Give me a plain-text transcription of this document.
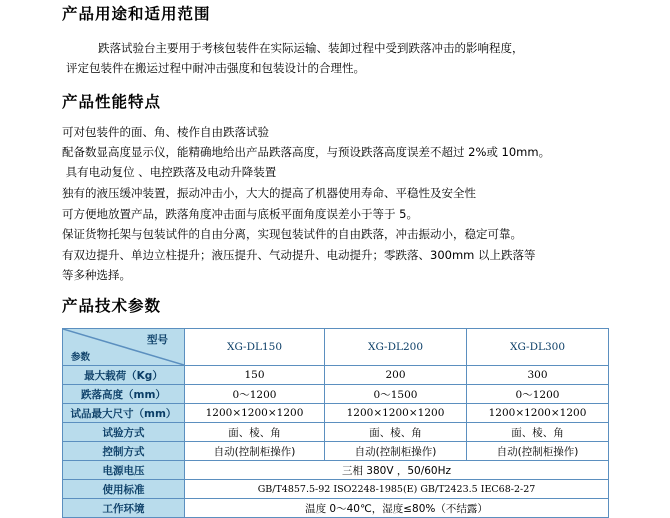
产品用途和适用范围

跌落试验台主要用于考核包装件在实际运输、装卸过程中受到跌落冲击的影响程度，

评定包装件在搬运过程中耐冲击强度和包装设计的合理性。

产品性能特点

可对包装件的面、角、棱作自由跌落试验

配备数显高度显示仪，能精确地给出产品跌落高度，与预设跌落高度误差不超过 2%或 10mm。

具有电动复位 、电控跌落及电动升降装置

独有的液压缓冲装置，振动冲击小，大大的提高了机器使用寿命、平稳性及安全性

可方便地放置产品，跌落角度冲击面与底板平面角度误差小于等于 5。

保证货物托架与包装试件的自由分离，实现包装试件的自由跌落，冲击振动小，稳定可靠。

有双边提升、单边立柱提升；液压提升、气动提升、电动提升；零跌落、300mm 以上跌落等

等多种选择。

产品技术参数
型号
参数	XG-DL150	XG-DL200	XG-DL300
最大载荷（Kg）	150	200	300
跌落高度（mm）	0～1200	0～1500	0～1200
试品最大尺寸（mm）	1200×1200×1200	1200×1200×1200	1200×1200×1200
试验方式	面、棱、角	面、棱、角	面、棱、角
控制方式	自动(控制柜操作)	自动(控制柜操作)	自动(控制柜操作)
电源电压	三相 380V ，50/60Hz		
使用标准	GB/T4857.5-92 ISO2248-1985(E) GB/T2423.5 IEC68-2-27		
工作环境	温度 0～40℃，湿度≤80%（不结露）		
